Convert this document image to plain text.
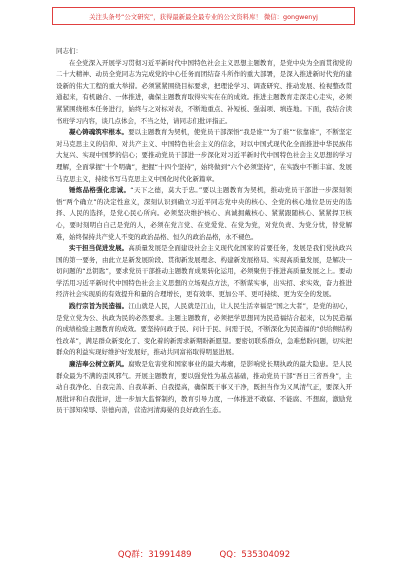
关注头条号“公文研究”，获得最新最全最专业的公文资料库！ 微信：gongwenyj

同志们：

在全党深入开展学习贯彻习近平新时代中国特色社会主义思想主题教育，是党中央为全面贯彻党的二十大精神、动员全党同志为完成党的中心任务而团结奋斗所作的重大部署，是深入推进新时代党的建设新的伟大工程的重大举措。必须紧紧围绕目标要求，把理论学习、调查研究、推动发展、检视整改贯通起来，有机融合、一体推进，确保主题教育取得实实在在的成效。推进主题教育走深走心走实，必须紧紧围绕根本任务进行，始终与之对标对表，不断地重点、补短板、强弱项、填连地。下面，我结合读书班学习内容，谈几点体会，不当之处，请同志们批评指正。

凝心铸魂筑牢根本。要以主题教育为契机，使党员干部深悟“我是谁”“为了谁”“依靠谁”，不断坚定对马克思主义的信仰、对共产主义、中国特色社会主义的信念，对以中国式现代化全面推进中华民族伟大复兴、实现中国梦的信心；要推动党员干部进一步深化对习近平新时代中国特色社会主义思想的学习理解，全面掌握“十个明确”，把握“十四个坚持”，始终做到“六个必须坚持”，在实践中不断丰富、发展马克思主义，持续书写马克思主义中国化时代化新篇章。

锤炼品格强化忠诚。“天下之德，莫大于忠。”要以主题教育为契机，推动党员干部进一步深刻领悟“两个确立”的决定性意义，深刻认识到确立习近平同志党中央的核心、全党的核心地位是历史的选择、人民的选择，是党心民心所向。必须坚决维护核心、真诚拥戴核心、紧紧跟随核心、紧紧捍卫核心，要时刻明白自己是党的人，必须在党言党、在党爱党、在党为党，对党负责、为党分忧，替党解难，始终保持共产党人不变的政治品格、恒久的政治品格，永不褪色。

实干担当促进发展。高质量发展是全面建设社会主义现代化国家的首要任务，发展是我们党执政兴国的第一要务，由此立足新发展阶段、贯彻新发展理念、构建新发展格局、实现高质量发展，是解决一切问题的“总钥匙”，要求党员干部推动主题教育成果转化运用，必须聚焦于推进高质量发展之上。要动学活用习近平新时代中国特色社会主义思想的立场观点方法，不断谋实事，出实招、求实效，奋力推进经济社会实现质的有效提升和量的合理增长，更有效率、更加公平、更可持续、更为安全的发展。

践行宗旨为民造福。江山就是人民，人民就是江山，让人民生活幸福是“国之大者”，是党的初心，是党立党为公、执政为民的必然要求。主题主题教育，必须把学思想同为民造福结合起来，以为民造福的成绩检验主题教育的成效。要坚持问政于民、问计于民、问需于民，不断深化为民造福的“供给侧结构性改革”，满足群众新变化了、变化着的新需求新期盼新愿望。要密切联系群众，急难愁盼问题，切实把群众的利益实现好维护好发展好，推动共同富裕取得明显进展。

廉洁奉公树立新风。腐败是危害党和国家事业的最大毒瘤，是影响党长期执政的最大隐患。是人民群众最为不满的歪风邪气。开展主题教育，要以强党性为基点基础，推动党员干部“吾日三省吾身”，主动自我净化、自我完善、自我革新、自我提高，确保既干事又干净，既担当作为又风清气正，要深入开展批评和自我批评，进一步加大监督制约，教育引导力度，一体推进不敢腐、不能腐、不想腐，激励党员干部知荣辱、崇德向善，营造河清海晏的良好政治生态。

QQ群：31991489	QQ：535304092
